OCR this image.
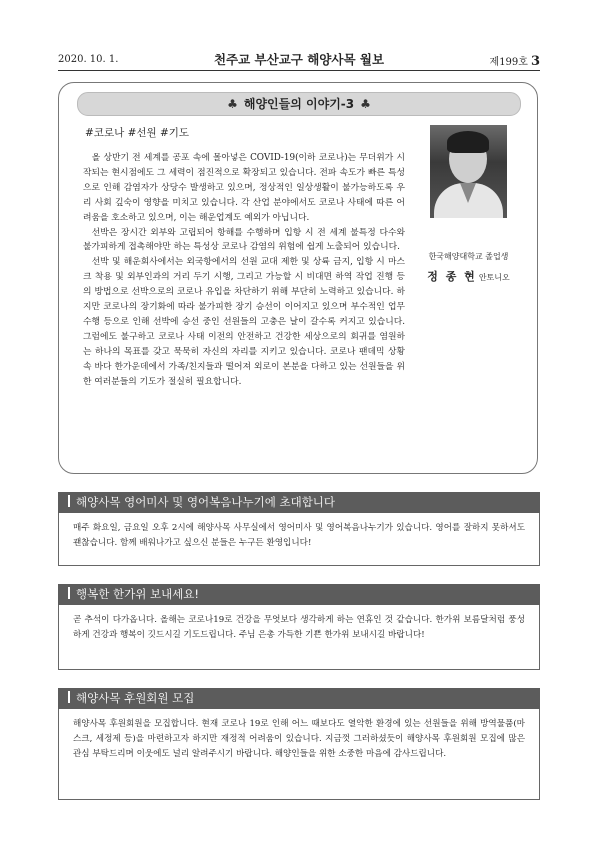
2020. 10. 1.	천주교 부산교구 해양사목 월보	제199호 3
♣ 해양인들의 이야기-3 ♣
#코로나 #선원 #기도

올 상반기 전 세계를 공포 속에 몰아넣은 COVID-19(이하 코로나)는 무더위가 시작되는 현시점에도 그 세력이 점진적으로 확장되고 있습니다. 전파 속도가 빠른 특성으로 인해 감염자가 상당수 발생하고 있으며, 정상적인 일상생활이 불가능하도록 우리 사회 깊숙이 영향을 미치고 있습니다. 각 산업 분야에서도 코로나 사태에 따른 어려움을 호소하고 있으며, 이는 해운업계도 예외가 아닙니다.

선박은 장시간 외부와 고립되어 항해를 수행하며 입항 시 전 세계 불특정 다수와 불가피하게 접촉해야만 하는 특성상 코로나 감염의 위험에 쉽게 노출되어 있습니다.

선박 및 해운회사에서는 외국항에서의 선원 교대 제한 및 상륙 금지, 입항 시 마스크 착용 및 외부인과의 거리 두기 시행, 그리고 가능할 시 비대면 하역 작업 진행 등의 방법으로 선박으로의 코로나 유입을 차단하기 위해 부단히 노력하고 있습니다. 하지만 코로나의 장기화에 따라 불가피한 장기 승선이 이어지고 있으며 부수적인 업무 수행 등으로 인해 선박에 승선 중인 선원들의 고충은 날이 갈수록 커지고 있습니다. 그럼에도 불구하고 코로나 사태 이전의 안전하고 건강한 세상으로의 회귀를 염원하는 하나의 목표를 갖고 묵묵히 자신의 자리를 지키고 있습니다. 코로나 팬데믹 상황 속 바다 한가운데에서 가족/친지들과 떨어져 외로이 본분을 다하고 있는 선원들을 위한 여러분들의 기도가 절실히 필요합니다.

한국해양대학교 졸업생
정 종 현 안토니오
해양사목 영어미사 및 영어복음나누기에 초대합니다
매주 화요일, 금요일 오후 2시에 해양사목 사무실에서 영어미사 및 영어복음나누기가 있습니다. 영어를 잘하지 못하셔도 괜찮습니다. 함께 배워나가고 싶으신 분들은 누구든 환영입니다!
행복한 한가위 보내세요!
곧 추석이 다가옵니다. 올해는 코로나19로 건강을 무엇보다 생각하게 하는 연휴인 것 같습니다. 한가위 보름달처럼 풍성하게 건강과 행복이 깃드시길 기도드립니다. 주님 은총 가득한 기쁜 한가위 보내시길 바랍니다!
해양사목 후원회원 모집
해양사목 후원회원을 모집합니다. 현재 코로나 19로 인해 어느 때보다도 열악한 환경에 있는 선원들을 위해 방역물품(마스크, 세정제 등)을 마련하고자 하지만 재정적 어려움이 있습니다. 지금껏 그러하셨듯이 해양사목 후원회원 모집에 많은 관심 부탁드리며 이웃에도 널리 알려주시기 바랍니다. 해양인들을 위한 소중한 마음에 감사드립니다.
